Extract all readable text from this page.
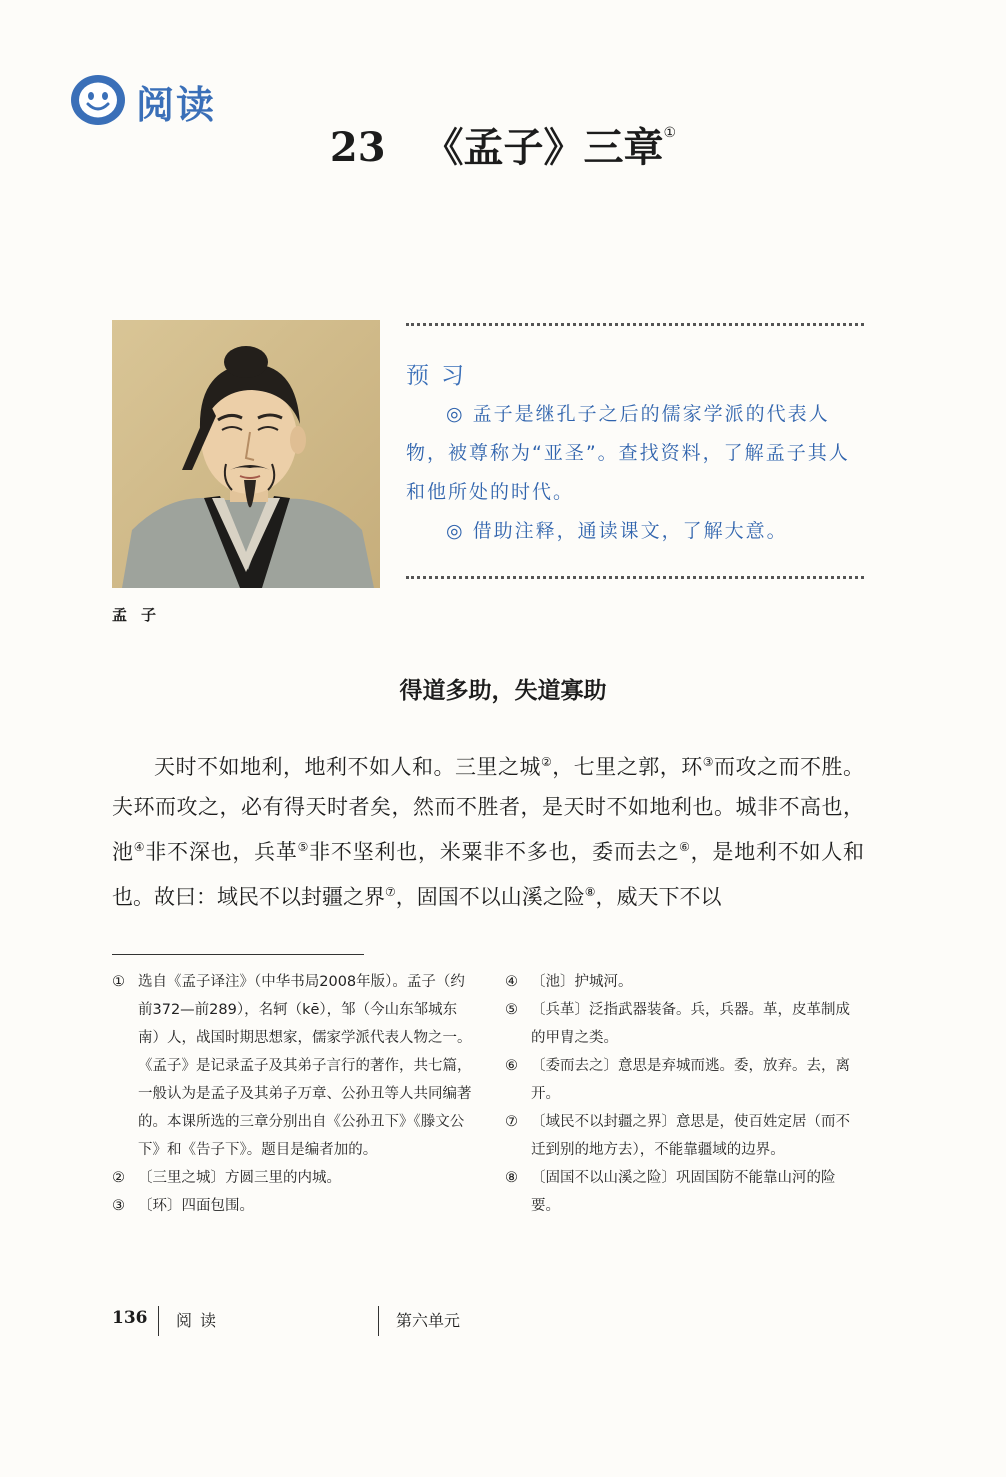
阅读
23 《孟子》三章①
孟子
预习

◎ 孟子是继孔子之后的儒家学派的代表人物，被尊称为“亚圣”。查找资料，了解孟子其人和他所处的时代。

◎ 借助注释，通读课文，了解大意。

得道多助，失道寡助

天时不如地利，地利不如人和。三里之城②，七里之郭，环③而攻之而不胜。夫环而攻之，必有得天时者矣，然而不胜者，是天时不如地利也。城非不高也，池④非不深也，兵革⑤非不坚利也，米粟非不多也，委而去之⑥，是地利不如人和也。故曰：域民不以封疆之界⑦，固国不以山溪之险⑧，威天下不以

① 选自《孟子译注》（中华书局2008年版）。孟子（约前372—前289），名轲（kē），邹（今山东邹城东南）人，战国时期思想家，儒家学派代表人物之一。《孟子》是记录孟子及其弟子言行的著作，共七篇，一般认为是孟子及其弟子万章、公孙丑等人共同编著的。本课所选的三章分别出自《公孙丑下》《滕文公下》和《告子下》。题目是编者加的。
② 〔三里之城〕方圆三里的内城。
③ 〔环〕四面包围。
④ 〔池〕护城河。
⑤ 〔兵革〕泛指武器装备。兵，兵器。革，皮革制成的甲胄之类。
⑥ 〔委而去之〕意思是弃城而逃。委，放弃。去，离开。
⑦ 〔域民不以封疆之界〕意思是，使百姓定居（而不迁到别的地方去），不能靠疆域的边界。
⑧ 〔固国不以山溪之险〕巩固国防不能靠山河的险要。
136 阅读	第六单元
